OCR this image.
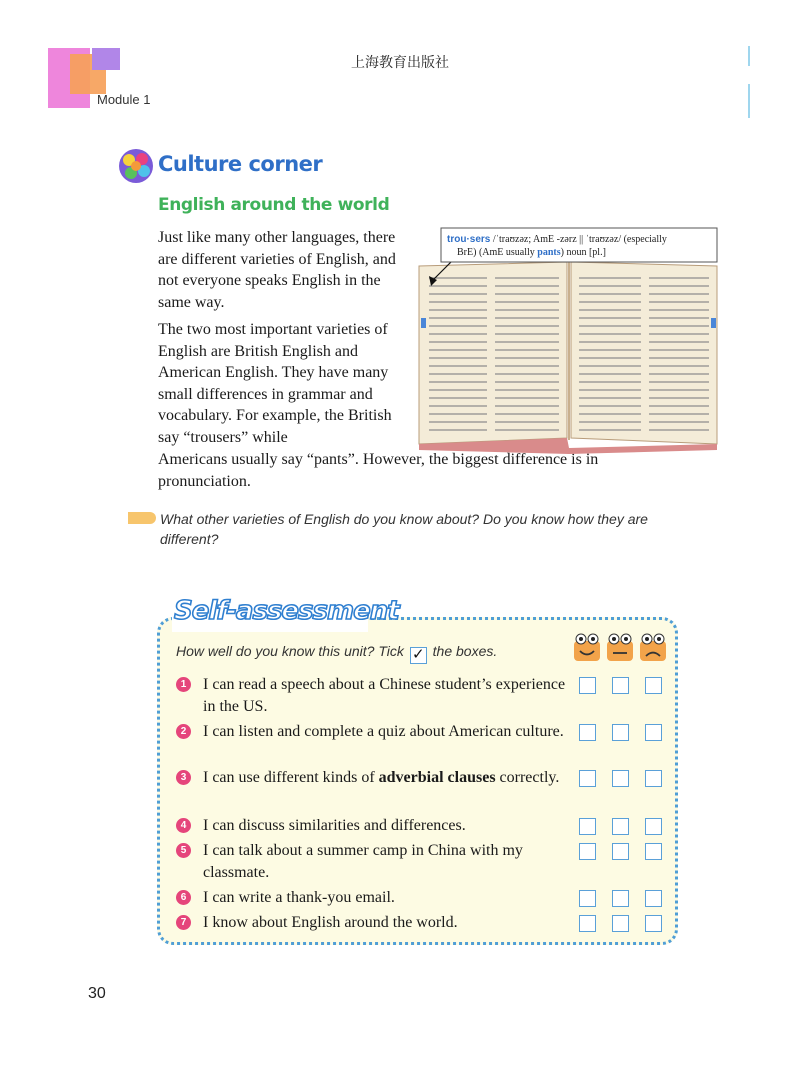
Module 1
上海教育出版社
Culture corner
English around the world

Just like many other languages, there are different varieties of English, and not everyone speaks English in the same way.

The two most important varieties of English are British English and American English. They have many small differences in grammar and vocabulary. For example, the British say “trousers” while

Americans usually say “pants”. However, the biggest difference is in
pronunciation.

trou·sers /ˈtraʊzəz; AmE -zərz || ˈtraʊzəz/ (especially
BrE) (AmE usually pants) noun [pl.]

What other varieties of English do you know about? Do you know how they are different?

Self-assessment
How well do you know this unit? Tick ✓ the boxes.
1 I can read a speech about a Chinese student’s experience in the US.
2 I can listen and complete a quiz about American culture.
3 I can use different kinds of adverbial clauses correctly.
4 I can discuss similarities and differences.
5 I can talk about a summer camp in China with my classmate.
6 I can write a thank-you email.
7 I know about English around the world.
30
